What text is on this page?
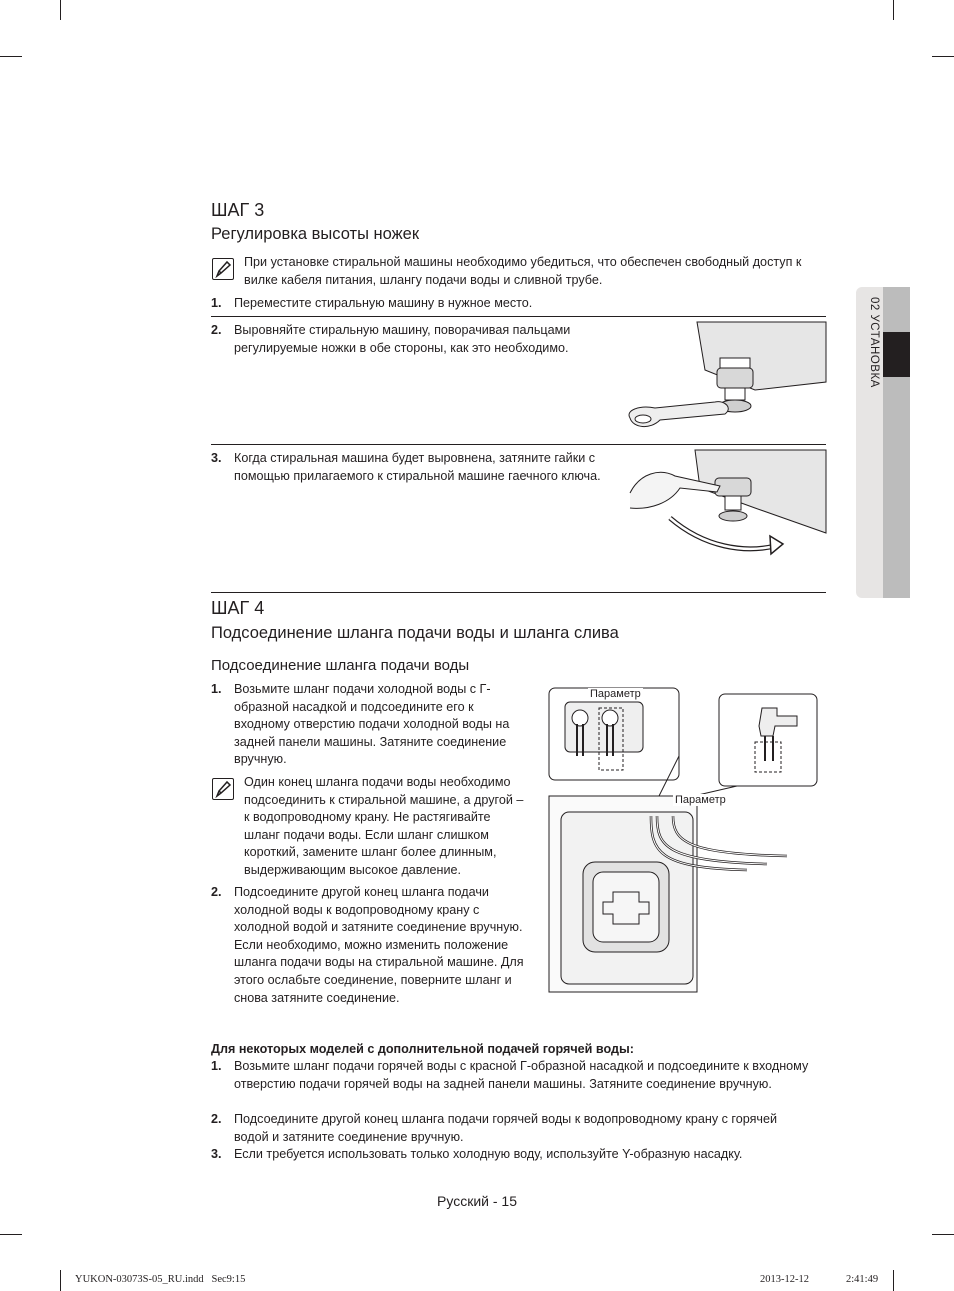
02 УСТАНОВКА
ШАГ 3
Регулировка высоты ножек
При установке стиральной машины необходимо убедиться, что обеспечен свободный доступ к вилке кабеля питания, шлангу подачи воды и сливной трубе.
1. Переместите стиральную машину в нужное место.
2. Выровняйте стиральную машину, поворачивая пальцами регулируемые ножки в обе стороны, как это необходимо.
3. Когда стиральная машина будет выровнена, затяните гайки с помощью прилагаемого к стиральной машине гаечного ключа.
ШАГ 4
Подсоединение шланга подачи воды и шланга слива
Подсоединение шланга подачи воды
1. Возьмите шланг подачи холодной воды с Г-образной насадкой и подсоедините его к входному отверстию подачи холодной воды на задней панели машины. Затяните соединение вручную.
Один конец шланга подачи воды необходимо подсоединить к стиральной машине, а другой – к водопроводному крану. Не растягивайте шланг подачи воды. Если шланг слишком короткий, замените шланг более длинным, выдерживающим высокое давление.
2. Подсоедините другой конец шланга подачи холодной воды к водопроводному крану с холодной водой и затяните соединение вручную. Если необходимо, можно изменить положение шланга подачи воды на стиральной машине. Для этого ослабьте соединение, поверните шланг и снова затяните соединение.
Параметр
Параметр
Для некоторых моделей с дополнительной подачей горячей воды:
1. Возьмите шланг подачи горячей воды с красной Г-образной насадкой и подсоедините к входному отверстию подачи горячей воды на задней панели машины. Затяните соединение вручную.
2. Подсоедините другой конец шланга подачи горячей воды к водопроводному крану с горячей водой и затяните соединение вручную.
3. Если требуется использовать только холодную воду, используйте Y-образную насадку.
Русский - 15
YUKON-03073S-05_RU.indd   Sec9:15	2013-12-12	2:41:49
